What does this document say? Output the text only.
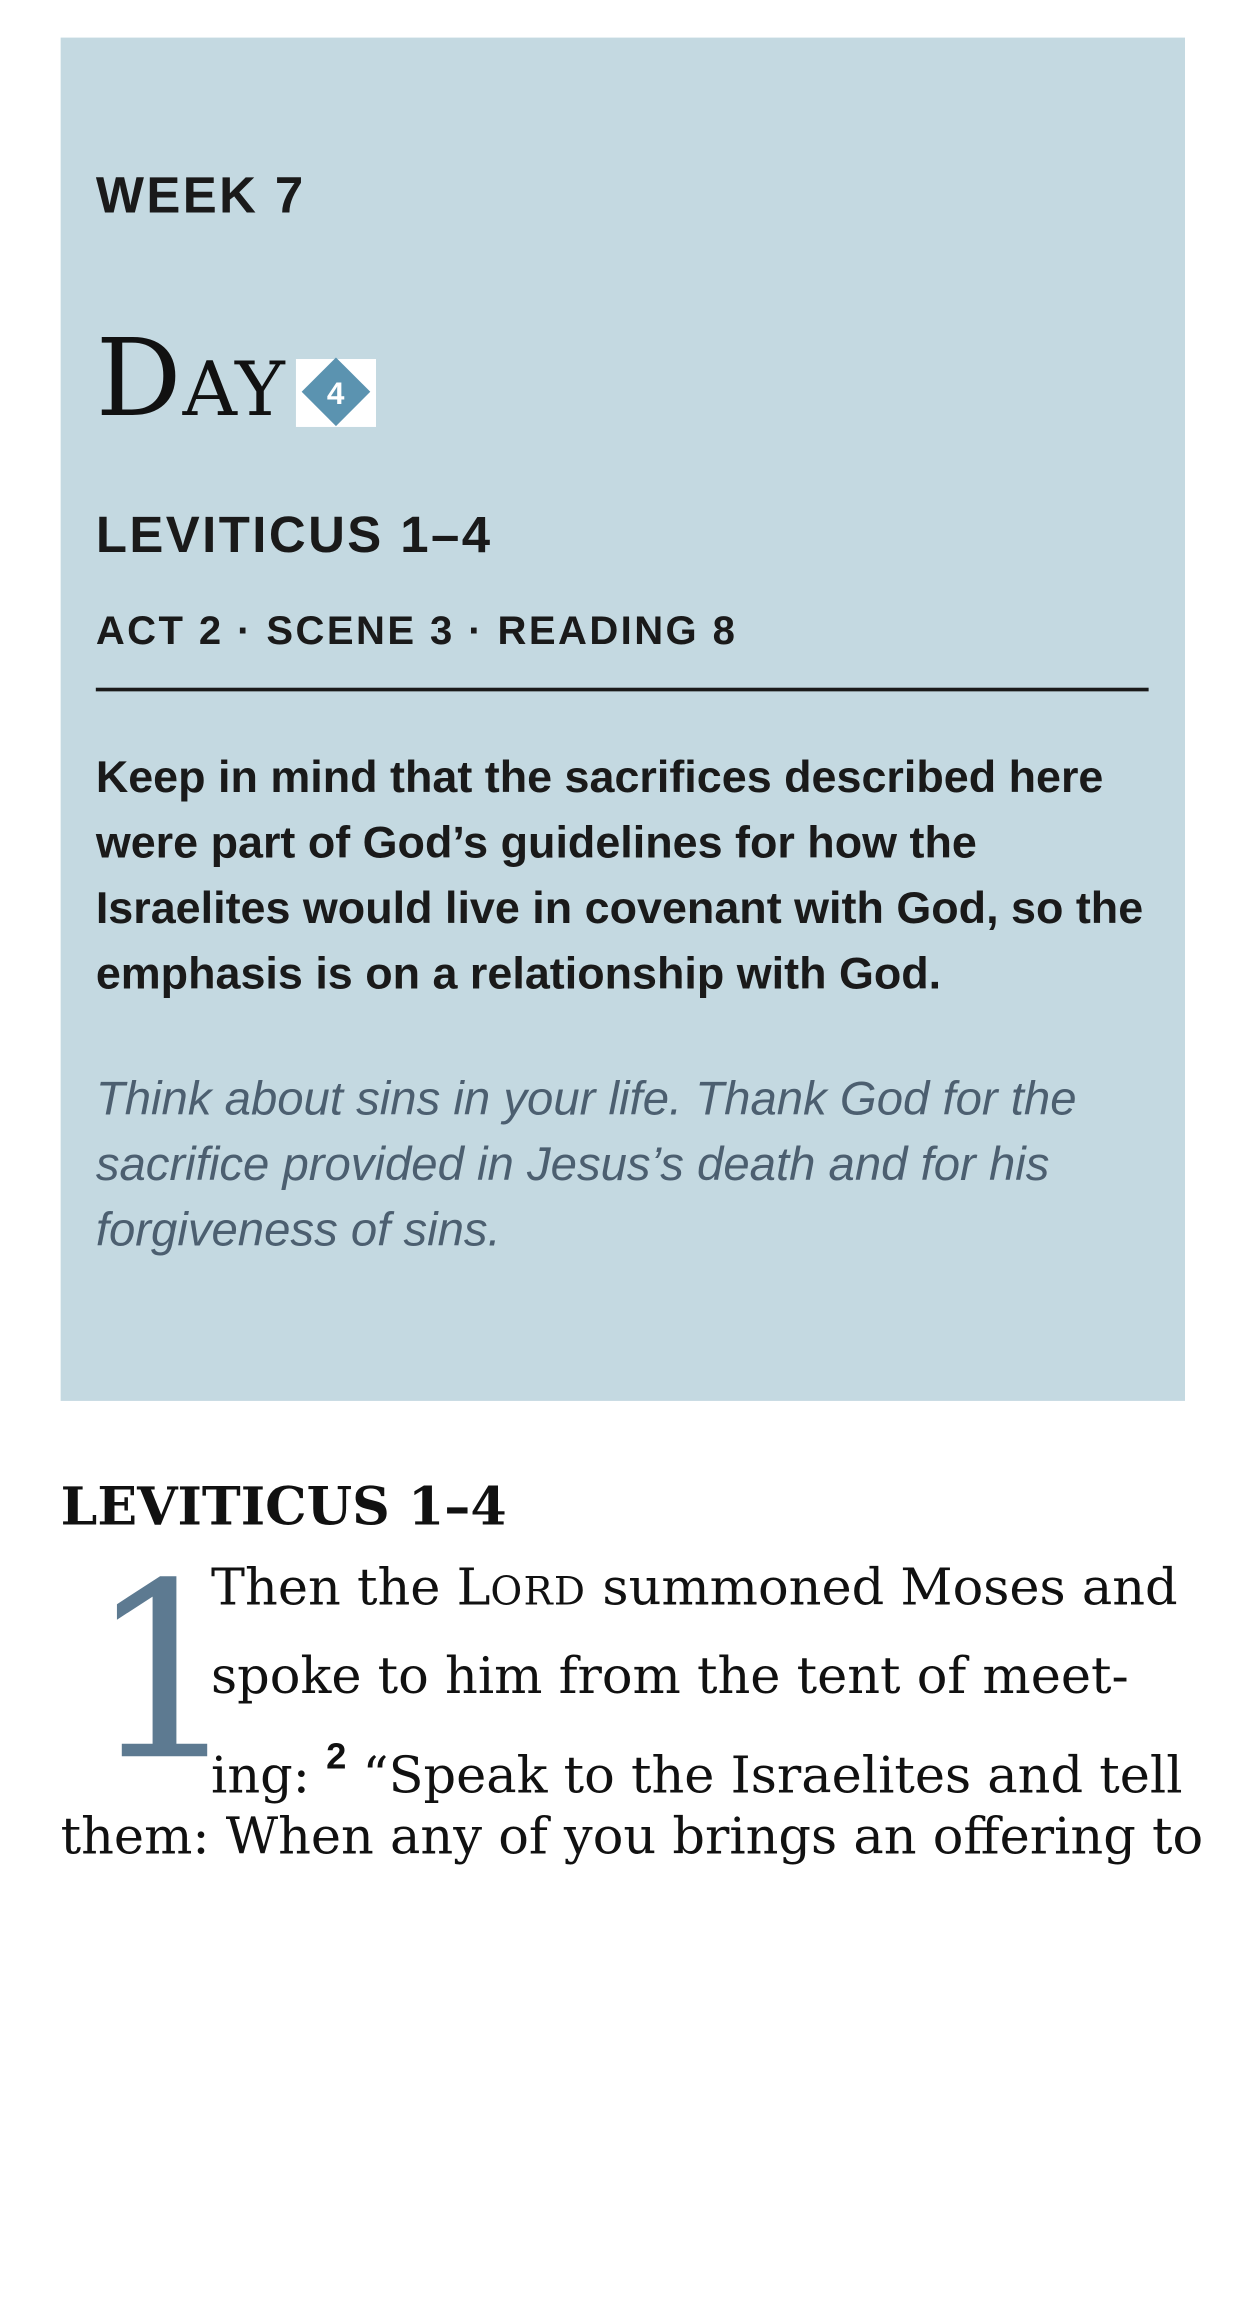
WEEK 7
DAY	4
LEVITICUS 1–4
ACT 2 · SCENE 3 · READING 8
Keep in mind that the sacrifices described here were part of God’s guidelines for how the Israelites would live in covenant with God, so the emphasis is on a relationship with God.
Think about sins in your life. Thank God for the sacrifice provided in Jesus’s death and for his forgiveness of sins.
LEVITICUS 1–4
1
Then the LORD summoned Moses and
spoke to him from the tent of meet-
ing: $^2$ “Speak to the Israelites and tell
them: When any of you brings an offering to
